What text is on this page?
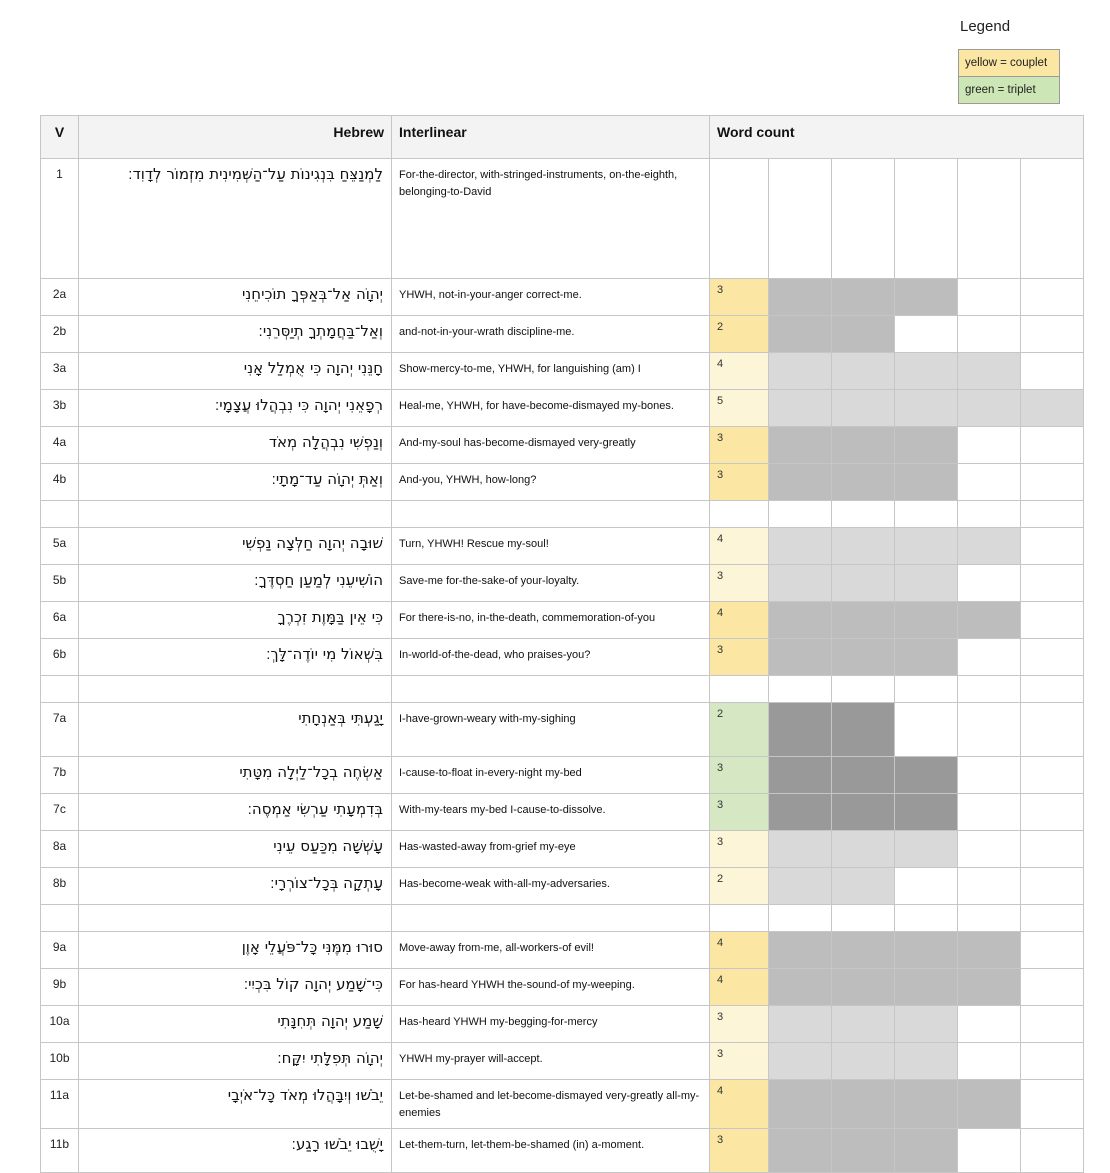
Legend
yellow = couplet
green = triplet
V	Hebrew	Interlinear	Word count					
1	לַמְנַצֵּחַ בִּנְגִינוֹת עַל־הַשְּׁמִינִית מִזְמוֹר לְדָוִד׃	For-the-director, with-stringed-instruments, on-the-eighth, belonging-to-David						
2a	יְהוָֹה אַל־בְּאַפְּךָ תוֹכִיחֵנִי	YHWH, not-in-your-anger correct-me.	3					
2b	וְאַל־בַּחֲמָתְךָ תְיַסְּרֵנִי׃	and-not-in-your-wrath discipline-me.	2					
3a	חָנֵּנִי יְהוָה כִּי אֻמְלַל אָנִי	Show-mercy-to-me, YHWH, for languishing (am) I	4					
3b	רְפָאֵנִי יְהוָה כִּי נִבְהֲלוּ עֲצָמָי׃	Heal-me, YHWH, for have-become-dismayed my-bones.	5					
4a	וְנַפְשִׁי נִבְהֲלָה מְאֹד	And-my-soul has-become-dismayed very-greatly	3					
4b	וְאַתְּ יְהוָֹה עַד־מָתָי׃	And-you, YHWH, how-long?	3					

5a	שׁוּבָה יְהוָה חַלְּצָה נַפְשִׁי	Turn, YHWH! Rescue my-soul!	4					
5b	הוֹשִׁיעֵנִי לְמַעַן חַסְדֶּךָ׃	Save-me for-the-sake-of your-loyalty.	3					
6a	כִּי אֵין בַּמָּוֶת זִכְרֶךָ	For there-is-no, in-the-death, commemoration-of-you	4					
6b	בִּשְׁאוֹל מִי יוֹדֶה־לָּךְ׃	In-world-of-the-dead, who praises-you?	3					

7a	יָגַעְתִּי בְּאַנְחָתִי	I-have-grown-weary with-my-sighing	2					
7b	אַשְׂחֶה בְכָל־לַיְלָה מִטָּתִי	I-cause-to-float in-every-night my-bed	3					
7c	בְּדִמְעָתִי עַרְשִׂי אַמְסֶה׃	With-my-tears my-bed I-cause-to-dissolve.	3					
8a	עָשְׁשָׁה מִכַּעַס עֵינִי	Has-wasted-away from-grief my-eye	3					
8b	עָתְקָה בְּכָל־צוֹרְרָי׃	Has-become-weak with-all-my-adversaries.	2					

9a	סוּרוּ מִמֶּנִּי כָּל־פֹּעֲלֵי אָוֶן	Move-away from-me, all-workers-of evil!	4					
9b	כִּי־שָׁמַע יְהוָה קוֹל בִּכְיִי׃	For has-heard YHWH the-sound-of my-weeping.	4					
10a	שָׁמַע יְהוָה תְּחִנָּתִי	Has-heard YHWH my-begging-for-mercy	3					
10b	יְהוָֹה תְּפִלָּתִי יִקָּח׃	YHWH my-prayer will-accept.	3					
11a	יֵבֹשׁוּ וְיִבָּהֲלוּ מְאֹד כָּל־אֹיְבָי	Let-be-shamed and let-become-dismayed very-greatly all-my-enemies	4					
11b	יָשֻׁבוּ יֵבֹשׁוּ רָגַע׃	Let-them-turn, let-them-be-shamed (in) a-moment.	3					
